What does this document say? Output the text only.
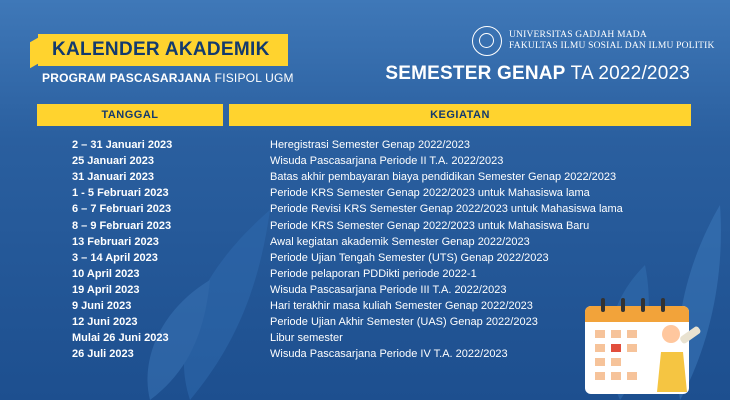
KALENDER AKADEMIK
PROGRAM PASCASARJANA FISIPOL UGM
UNIVERSITAS GADJAH MADA
FAKULTAS ILMU SOSIAL DAN ILMU POLITIK
SEMESTER GENAP TA 2022/2023
TANGGAL	KEGIATAN
2 – 31 Januari 2023	Heregistrasi Semester Genap 2022/2023
25 Januari 2023	Wisuda Pascasarjana Periode II T.A. 2022/2023
31 Januari 2023	Batas akhir pembayaran biaya pendidikan Semester Genap 2022/2023
1 - 5 Februari 2023	Periode KRS Semester Genap 2022/2023 untuk Mahasiswa lama
6 – 7 Februari 2023	Periode Revisi KRS Semester Genap 2022/2023 untuk Mahasiswa lama
8 – 9 Februari 2023	Periode KRS Semester Genap 2022/2023 untuk Mahasiswa Baru
13 Februari 2023	Awal kegiatan akademik Semester Genap 2022/2023
3 – 14 April 2023	Periode Ujian Tengah Semester (UTS) Genap 2022/2023
10 April 2023	Periode pelaporan PDDikti periode 2022-1
19 April 2023	Wisuda Pascasarjana Periode III T.A. 2022/2023
9 Juni 2023	Hari terakhir masa kuliah Semester Genap 2022/2023
12 Juni 2023	Periode Ujian Akhir Semester (UAS) Genap 2022/2023
Mulai 26 Juni 2023	Libur semester
26 Juli 2023	Wisuda Pascasarjana Periode IV T.A. 2022/2023
